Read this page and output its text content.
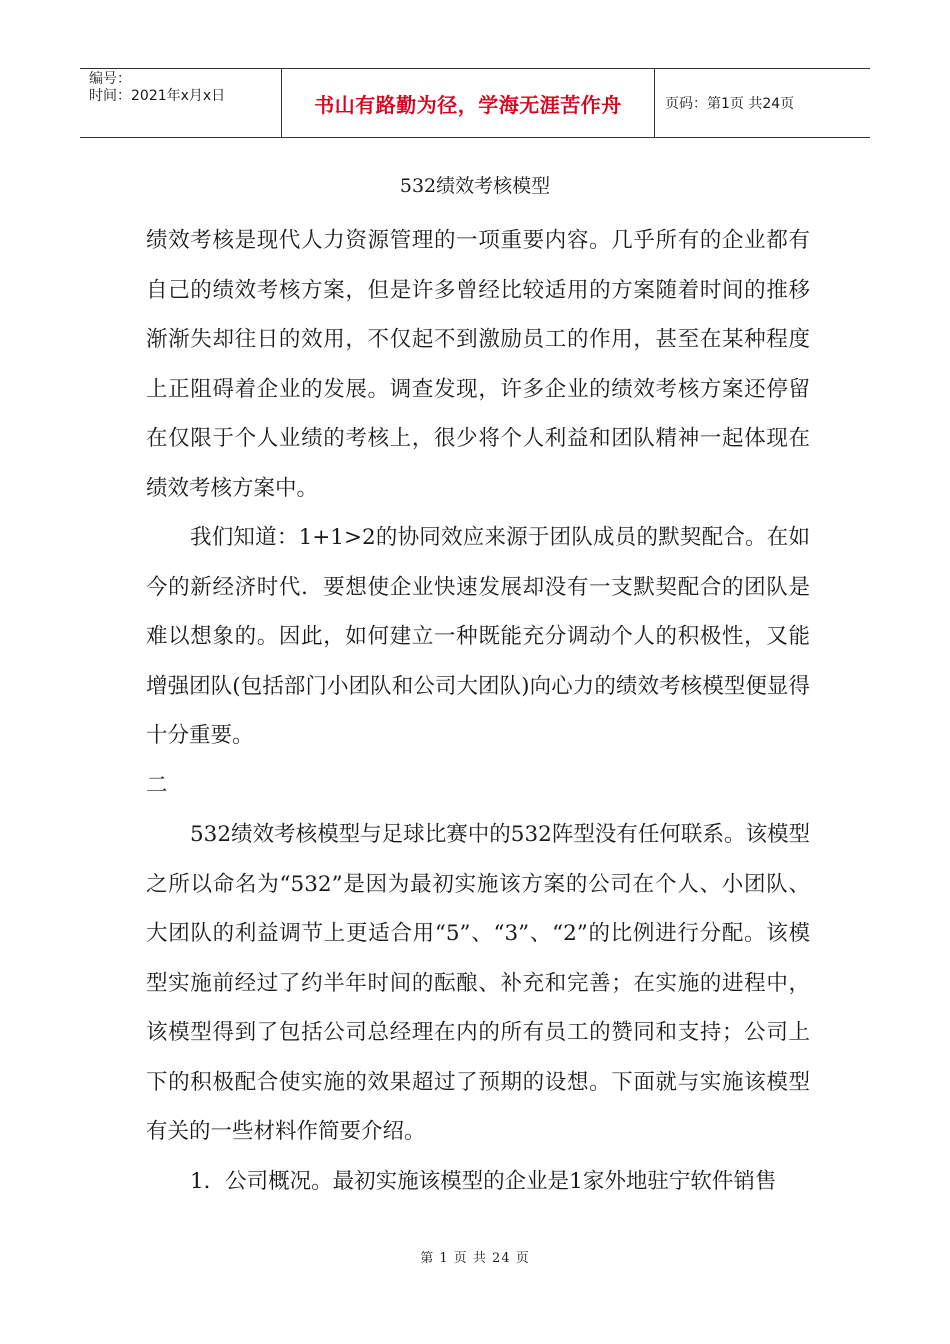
编号：
时间：2021年x月x日	书山有路勤为径，学海无涯苦作舟	页码：第1页 共24页
532绩效考核模型

绩效考核是现代人力资源管理的一项重要内容。几乎所有的企业都有自己的绩效考核方案，但是许多曾经比较适用的方案随着时间的推移渐渐失却往日的效用，不仅起不到激励员工的作用，甚至在某种程度上正阻碍着企业的发展。调查发现，许多企业的绩效考核方案还停留在仅限于个人业绩的考核上，很少将个人利益和团队精神一起体现在绩效考核方案中。

我们知道：1+1>2的协同效应来源于团队成员的默契配合。在如今的新经济时代．要想使企业快速发展却没有一支默契配合的团队是难以想象的。因此，如何建立一种既能充分调动个人的积极性，又能增强团队(包括部门小团队和公司大团队)向心力的绩效考核模型便显得十分重要。

二

532绩效考核模型与足球比赛中的532阵型没有任何联系。该模型之所以命名为“532”是因为最初实施该方案的公司在个人、小团队、大团队的利益调节上更适合用“5”、“3”、“2”的比例进行分配。该模型实施前经过了约半年时间的酝酿、补充和完善；在实施的进程中，该模型得到了包括公司总经理在内的所有员工的赞同和支持；公司上下的积极配合使实施的效果超过了预期的设想。下面就与实施该模型有关的一些材料作简要介绍。

1．公司概况。最初实施该模型的企业是1家外地驻宁软件销售

第 1 页 共 24 页
